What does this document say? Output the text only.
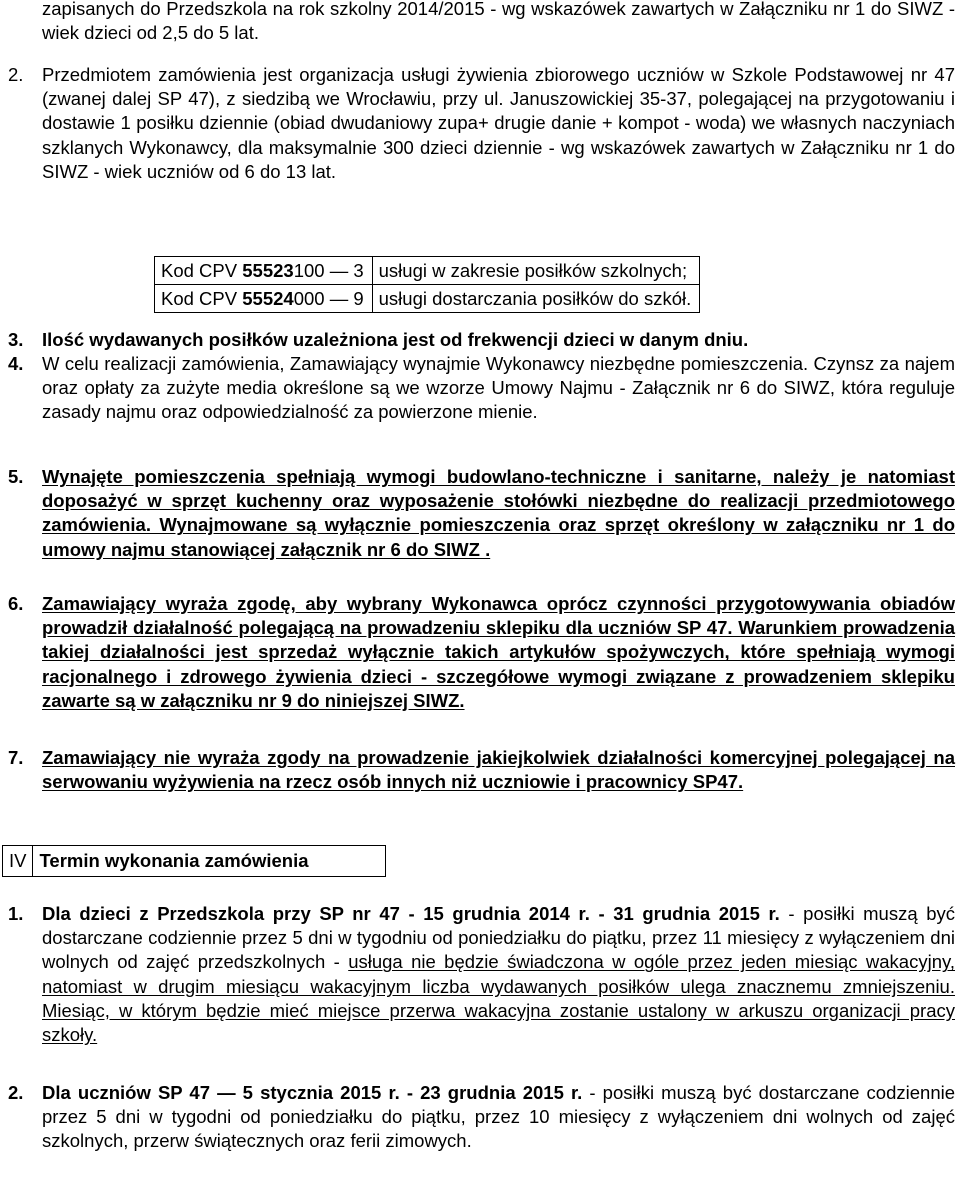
zapisanych do Przedszkola na rok szkolny 2014/2015 - wg wskazówek zawartych w Załączniku nr 1 do SIWZ - wiek dzieci od 2,5 do 5 lat.
2. Przedmiotem zamówienia jest organizacja usługi żywienia zbiorowego uczniów w Szkole Podstawowej nr 47 (zwanej dalej SP 47), z siedzibą we Wrocławiu, przy ul. Januszowickiej 35-37, polegającej na przygotowaniu i dostawie 1 posiłku dziennie (obiad dwudaniowy zupa+ drugie danie + kompot - woda) we własnych naczyniach szklanych Wykonawcy, dla maksymalnie 300 dzieci dziennie - wg wskazówek zawartych w Załączniku nr 1 do SIWZ - wiek uczniów od 6 do 13 lat.
Kod CPV 55523100 — 3	usługi w zakresie posiłków szkolnych;
Kod CPV 55524000 — 9	usługi dostarczania posiłków do szkół.
3. Ilość wydawanych posiłków uzależniona jest od frekwencji dzieci w danym dniu.
4. W celu realizacji zamówienia, Zamawiający wynajmie Wykonawcy niezbędne pomieszczenia. Czynsz za najem oraz opłaty za zużyte media określone są we wzorze Umowy Najmu - Załącznik nr 6 do SIWZ, która reguluje zasady najmu oraz odpowiedzialność za powierzone mienie.
5. Wynajęte pomieszczenia spełniają wymogi budowlano-techniczne i sanitarne, należy je natomiast doposażyć w sprzęt kuchenny oraz wyposażenie stołówki niezbędne do realizacji przedmiotowego zamówienia. Wynajmowane są wyłącznie pomieszczenia oraz sprzęt określony w załączniku nr 1 do umowy najmu stanowiącej załącznik nr 6 do SIWZ .
6. Zamawiający wyraża zgodę, aby wybrany Wykonawca oprócz czynności przygotowywania obiadów prowadził działalność polegającą na prowadzeniu sklepiku dla uczniów SP 47. Warunkiem prowadzenia takiej działalności jest sprzedaż wyłącznie takich artykułów spożywczych, które spełniają wymogi racjonalnego i zdrowego żywienia dzieci - szczegółowe wymogi związane z prowadzeniem sklepiku zawarte są w załączniku nr 9 do niniejszej SIWZ.
7. Zamawiający nie wyraża zgody na prowadzenie jakiejkolwiek działalności komercyjnej polegającej na serwowaniu wyżywienia na rzecz osób innych niż uczniowie i pracownicy SP47.
IV	Termin wykonania zamówienia
1. Dla dzieci z Przedszkola przy SP nr 47 - 15 grudnia 2014 r. - 31 grudnia 2015 r. - posiłki muszą być dostarczane codziennie przez 5 dni w tygodniu od poniedziałku do piątku, przez 11 miesięcy z wyłączeniem dni wolnych od zajęć przedszkolnych - usługa nie będzie świadczona w ogóle przez jeden miesiąc wakacyjny, natomiast w drugim miesiącu wakacyjnym liczba wydawanych posiłków ulega znacznemu zmniejszeniu. Miesiąc, w którym będzie mieć miejsce przerwa wakacyjna zostanie ustalony w arkuszu organizacji pracy szkoły.
2. Dla uczniów SP 47 — 5 stycznia 2015 r. - 23 grudnia 2015 r. - posiłki muszą być dostarczane codziennie przez 5 dni w tygodni od poniedziałku do piątku, przez 10 miesięcy z wyłączeniem dni wolnych od zajęć szkolnych, przerw świątecznych oraz ferii zimowych.
